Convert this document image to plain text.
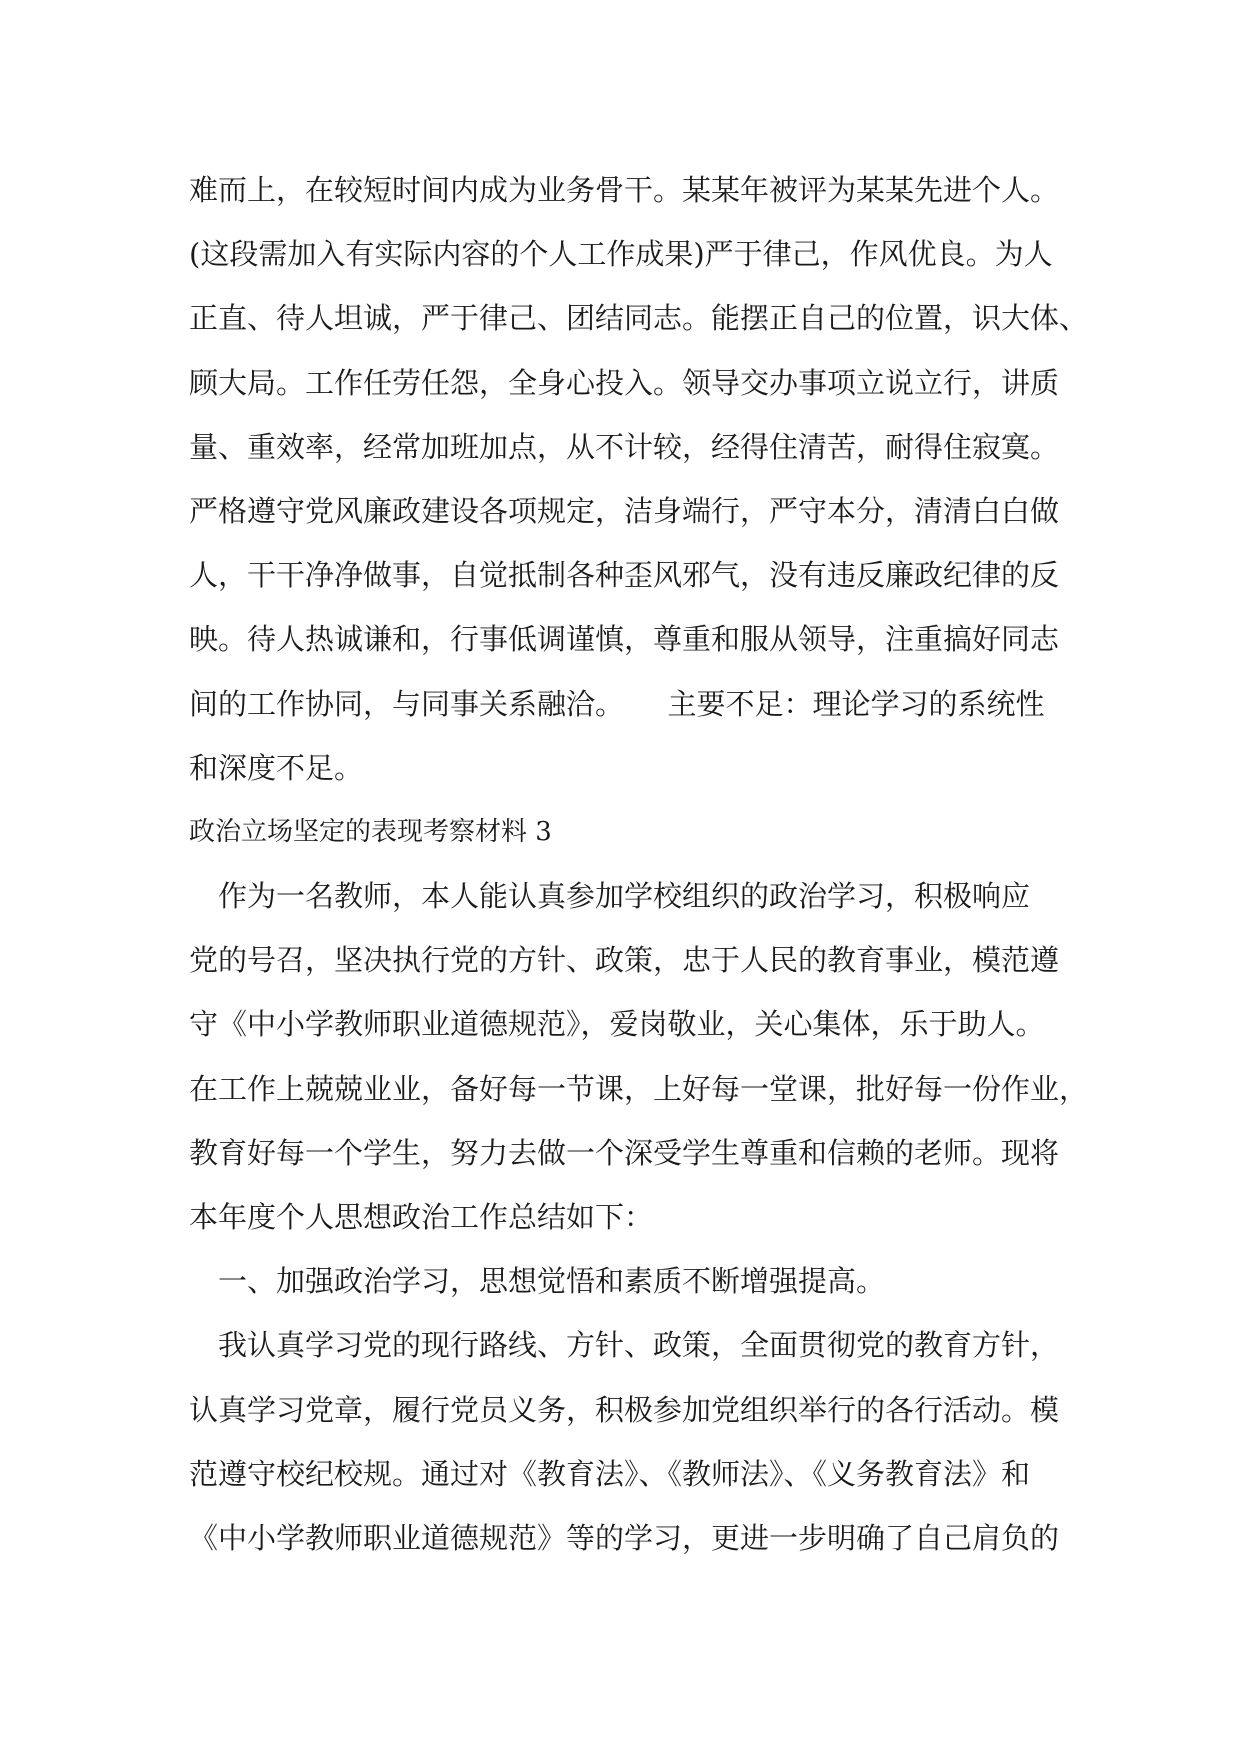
难而上，在较短时间内成为业务骨干。某某年被评为某某先进个人。
(这段需加入有实际内容的个人工作成果)严于律己，作风优良。为人
正直、待人坦诚，严于律己、团结同志。能摆正自己的位置，识大体、
顾大局。工作任劳任怨，全身心投入。领导交办事项立说立行，讲质
量、重效率，经常加班加点，从不计较，经得住清苦，耐得住寂寞。
严格遵守党风廉政建设各项规定，洁身端行，严守本分，清清白白做
人，干干净净做事，自觉抵制各种歪风邪气，没有违反廉政纪律的反
映。待人热诚谦和，行事低调谨慎，尊重和服从领导，注重搞好同志
间的工作协同，与同事关系融洽。　　主要不足：理论学习的系统性
和深度不足。
政治立场坚定的表现考察材料 3
　作为一名教师，本人能认真参加学校组织的政治学习，积极响应
党的号召，坚决执行党的方针、政策，忠于人民的教育事业，模范遵
守《中小学教师职业道德规范》，爱岗敬业，关心集体，乐于助人。
在工作上兢兢业业，备好每一节课，上好每一堂课，批好每一份作业，
教育好每一个学生，努力去做一个深受学生尊重和信赖的老师。现将
本年度个人思想政治工作总结如下：
　一、加强政治学习，思想觉悟和素质不断增强提高。
　我认真学习党的现行路线、方针、政策，全面贯彻党的教育方针，
认真学习党章，履行党员义务，积极参加党组织举行的各行活动。模
范遵守校纪校规。通过对《教育法》、《教师法》、《义务教育法》和
《中小学教师职业道德规范》等的学习，更进一步明确了自己肩负的
